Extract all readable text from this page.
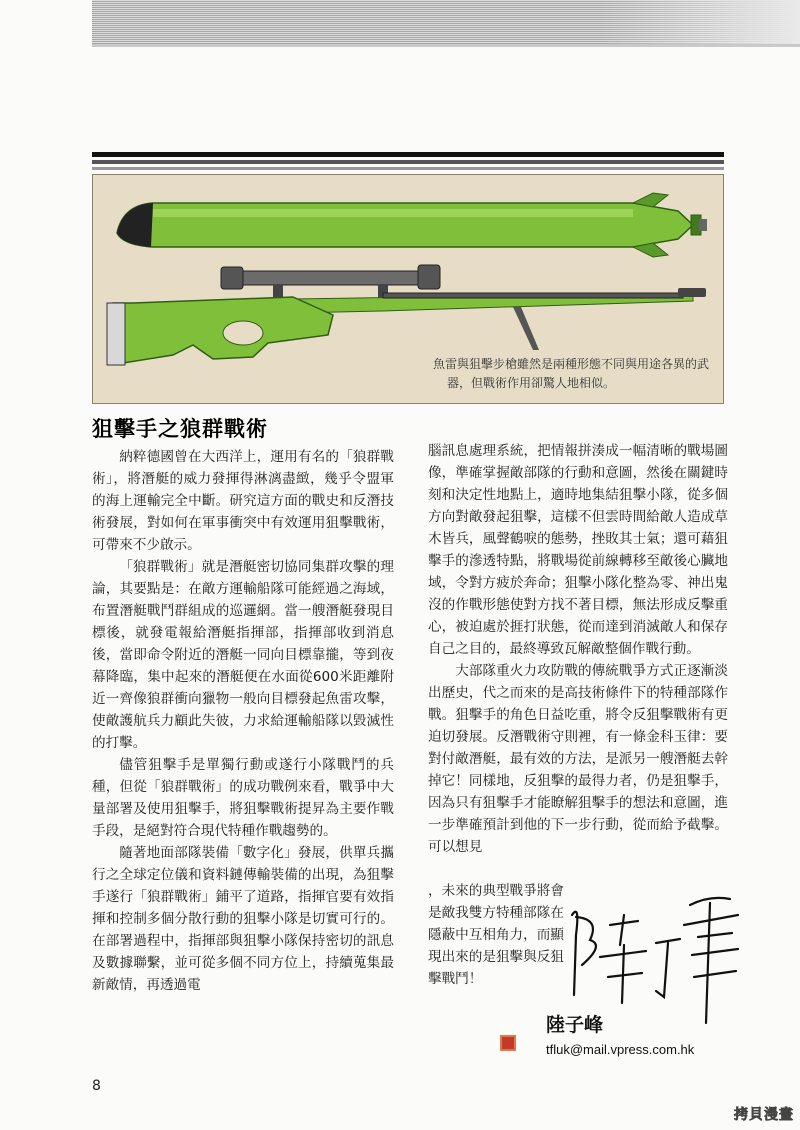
魚雷與狙擊步槍雖然是兩種形態不同與用途各異的武器，但戰術作用卻驚人地相似。
狙擊手之狼群戰術

納粹德國曾在大西洋上，運用有名的「狼群戰術」，將潛艇的威力發揮得淋漓盡緻，幾乎令盟軍的海上運輸完全中斷。研究這方面的戰史和反潛技術發展，對如何在軍事衝突中有效運用狙擊戰術，可帶來不少啟示。

「狼群戰術」就是潛艇密切協同集群攻擊的理論，其要點是：在敵方運輸船隊可能經過之海域，布置潛艇戰鬥群組成的巡邏網。當一艘潛艇發現目標後，就發電報給潛艇指揮部，指揮部收到消息後，當即命令附近的潛艇一同向目標靠攏，等到夜幕降臨，集中起來的潛艇便在水面從600米距離附近一齊像狼群衝向獵物一般向目標發起魚雷攻擊，使敵護航兵力顧此失彼，力求給運輸船隊以毀滅性的打擊。

儘管狙擊手是單獨行動或遂行小隊戰鬥的兵種，但從「狼群戰術」的成功戰例來看，戰爭中大量部署及使用狙擊手，將狙擊戰術提昇為主要作戰手段，是絕對符合現代特種作戰趨勢的。

隨著地面部隊裝備「數字化」發展，供單兵攜行之全球定位儀和資料鏈傳輸裝備的出現，為狙擊手遂行「狼群戰術」鋪平了道路，指揮官要有效指揮和控制多個分散行動的狙擊小隊是切實可行的。在部署過程中，指揮部與狙擊小隊保持密切的訊息及數據聯繫，並可從多個不同方位上，持續蒐集最新敵情，再透過電

腦訊息處理系統，把情報拼湊成一幅清晰的戰場圖像，準確掌握敵部隊的行動和意圖，然後在關鍵時刻和決定性地點上，適時地集結狙擊小隊，從多個方向對敵發起狙擊，這樣不但雲時間給敵人造成草木皆兵，風聲鶴唳的態勢，挫敗其士氣；還可藉狙擊手的滲透特點，將戰場從前線轉移至敵後心臟地域，令對方疲於奔命；狙擊小隊化整為零、神出鬼沒的作戰形態使對方找不著目標，無法形成反擊重心，被迫處於捱打狀態，從而達到消滅敵人和保存自己之目的，最終導致瓦解敵整個作戰行動。

大部隊重火力攻防戰的傳統戰爭方式正逐漸淡出歷史，代之而來的是高技術條件下的特種部隊作戰。狙擊手的角色日益吃重，將令反狙擊戰術有更迫切發展。反潛戰術守則裡，有一條金科玉律：要對付敵潛艇，最有效的方法，是派另一艘潛艇去幹掉它！同樣地，反狙擊的最得力者，仍是狙擊手，因為只有狙擊手才能瞭解狙擊手的想法和意圖，進一步準確預計到他的下一步行動，從而給予截擊。可以想見

，未來的典型戰爭將會是敵我雙方特種部隊在隱蔽中互相角力，而顯現出來的是狙擊與反狙擊戰鬥！

陸子峰
tfluk@mail.vpress.com.hk
8
拷貝漫畫
